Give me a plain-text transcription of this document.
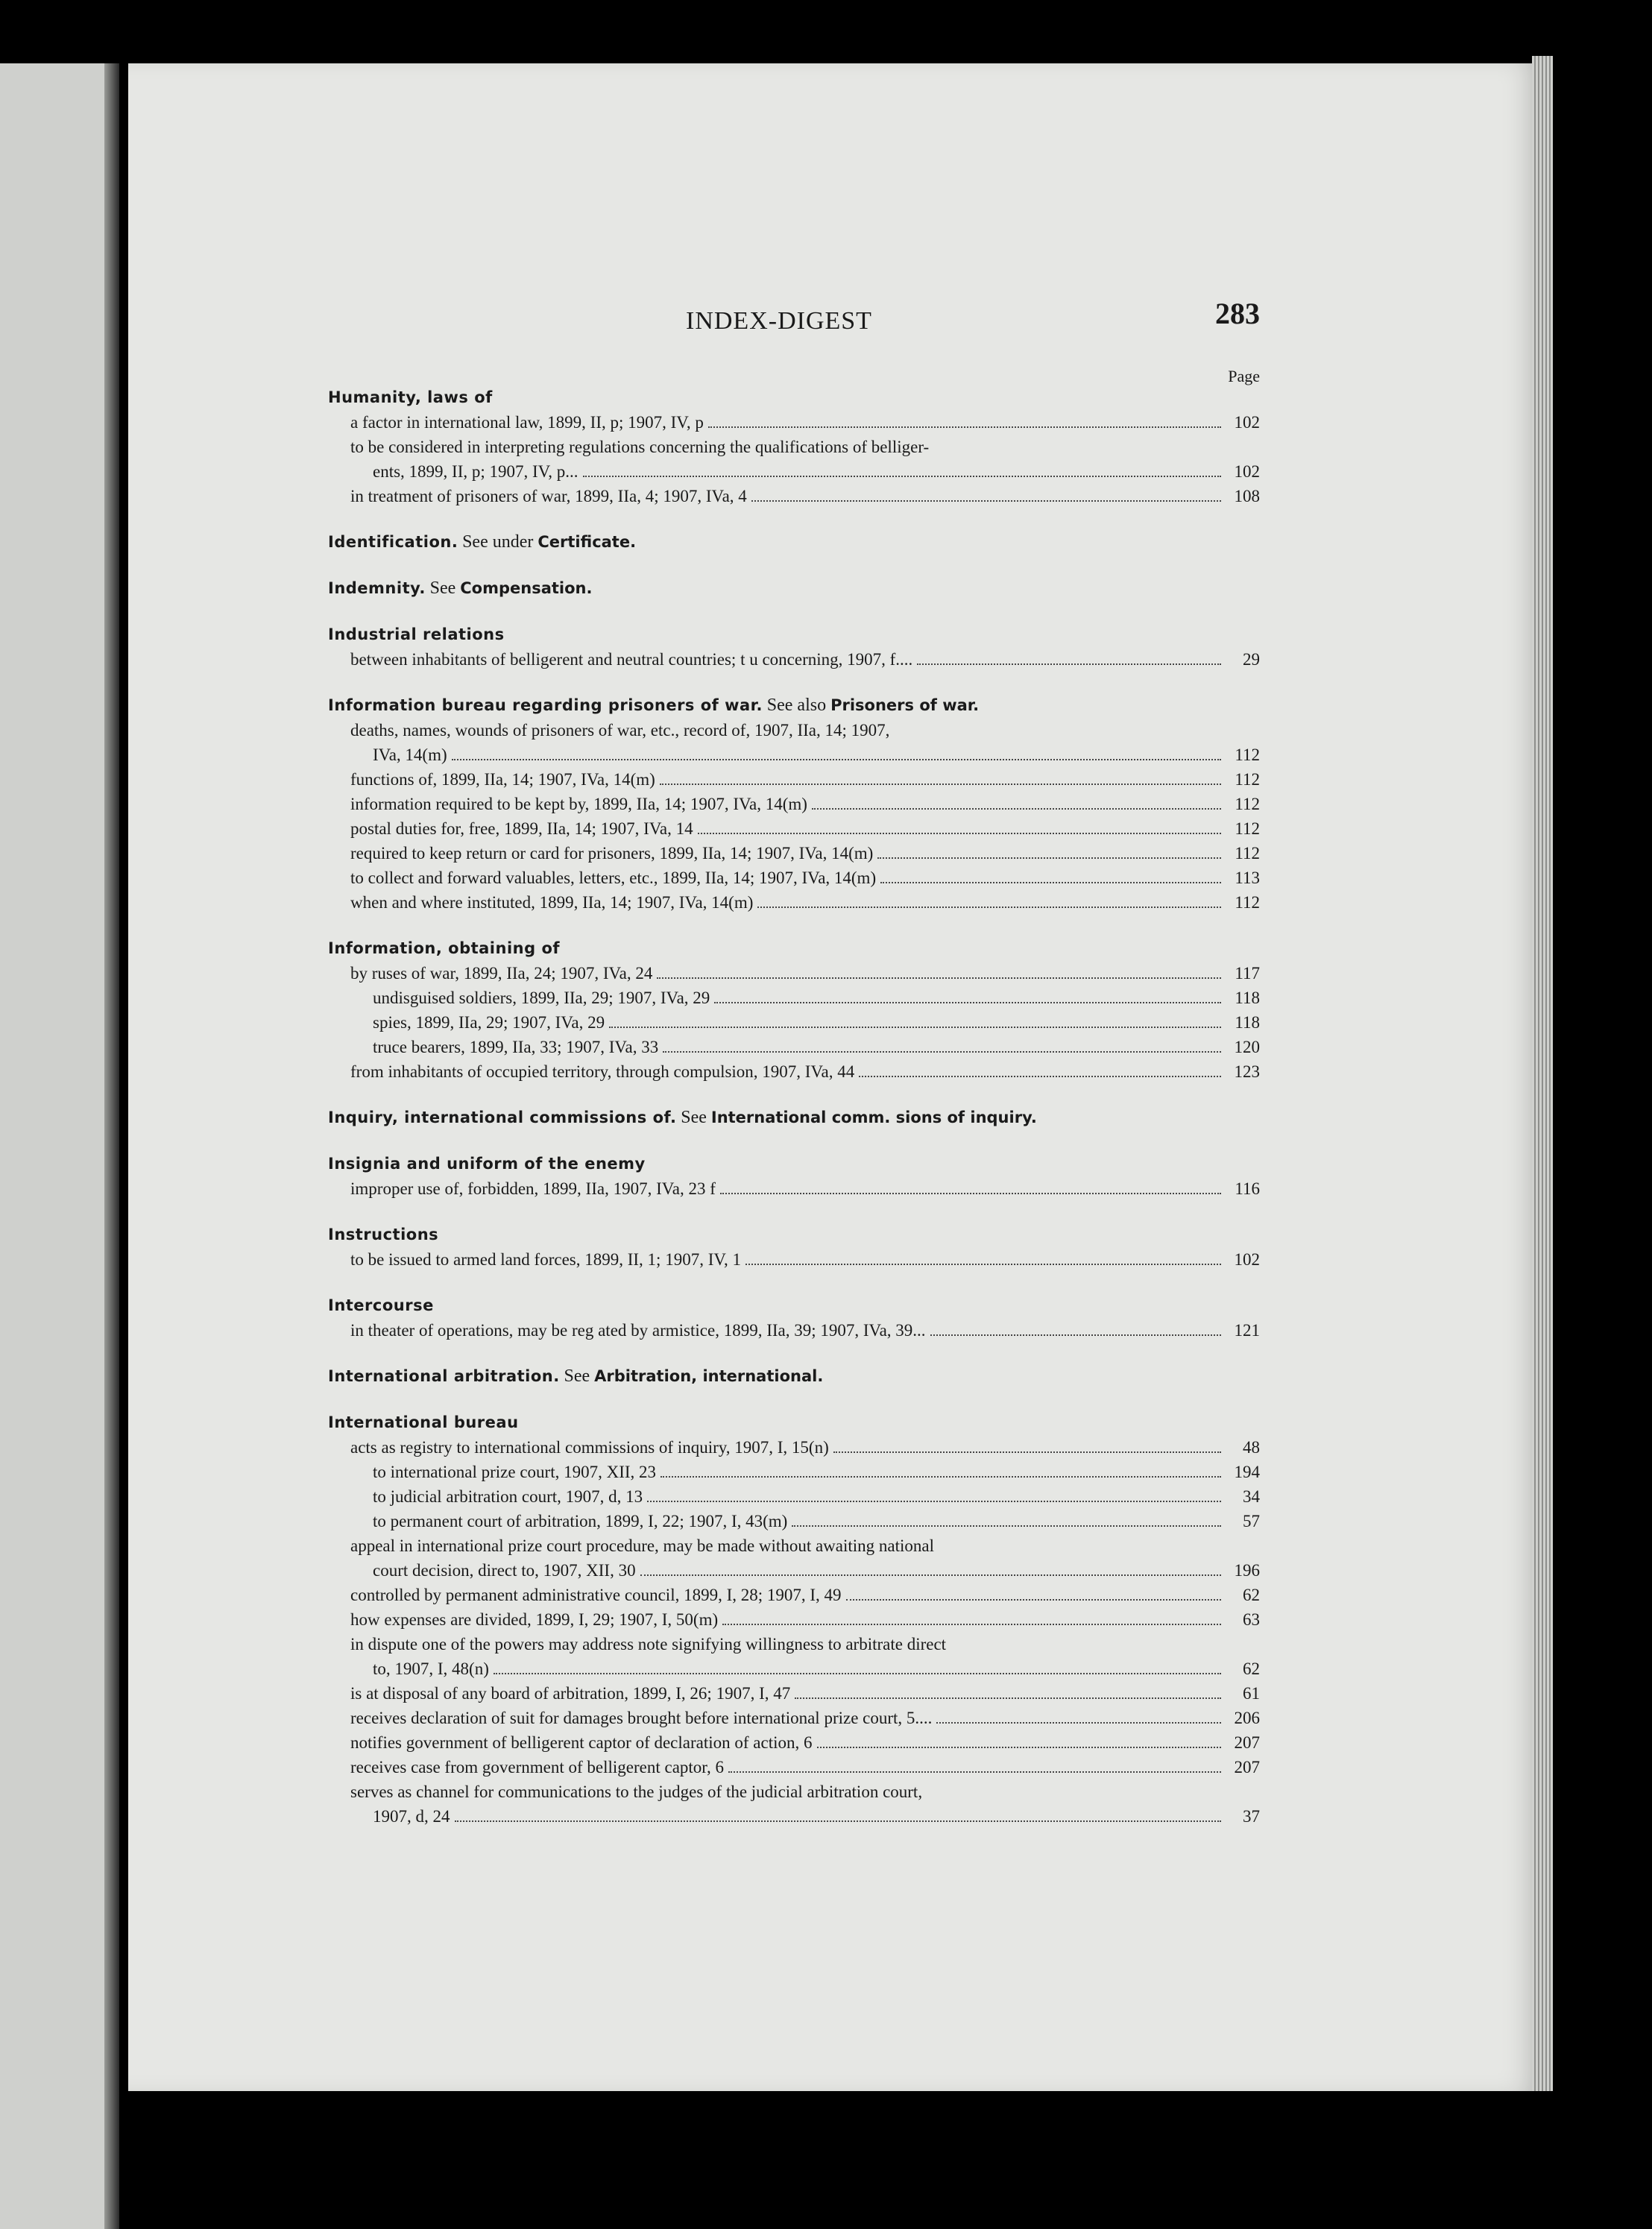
INDEX-DIGEST	283
Page
Humanity, laws of
a factor in international law, 1899, II, p; 1907, IV, p	102
to be considered in interpreting regulations concerning the qualifications of belliger-
ents, 1899, II, p; 1907, IV, p...	102
in treatment of prisoners of war, 1899, IIa, 4; 1907, IVa, 4	108
Identification. See under Certificate.
Indemnity. See Compensation.
Industrial relations
between inhabitants of belligerent and neutral countries; t u concerning, 1907, f....	29
Information bureau regarding prisoners of war. See also Prisoners of war.
deaths, names, wounds of prisoners of war, etc., record of, 1907, IIa, 14; 1907,
IVa, 14(m)	112
functions of, 1899, IIa, 14; 1907, IVa, 14(m)	112
information required to be kept by, 1899, IIa, 14; 1907, IVa, 14(m)	112
postal duties for, free, 1899, IIa, 14; 1907, IVa, 14	112
required to keep return or card for prisoners, 1899, IIa, 14; 1907, IVa, 14(m)	112
to collect and forward valuables, letters, etc., 1899, IIa, 14; 1907, IVa, 14(m)	113
when and where instituted, 1899, IIa, 14; 1907, IVa, 14(m)	112
Information, obtaining of
by ruses of war, 1899, IIa, 24; 1907, IVa, 24	117
undisguised soldiers, 1899, IIa, 29; 1907, IVa, 29	118
spies, 1899, IIa, 29; 1907, IVa, 29	118
truce bearers, 1899, IIa, 33; 1907, IVa, 33	120
from inhabitants of occupied territory, through compulsion, 1907, IVa, 44	123
Inquiry, international commissions of. See International comm. sions of inquiry.
Insignia and uniform of the enemy
improper use of, forbidden, 1899, IIa, 1907, IVa, 23 f	116
Instructions
to be issued to armed land forces, 1899, II, 1; 1907, IV, 1	102
Intercourse
in theater of operations, may be reg ated by armistice, 1899, IIa, 39; 1907, IVa, 39...	121
International arbitration. See Arbitration, international.
International bureau
acts as registry to international commissions of inquiry, 1907, I, 15(n)	48
to international prize court, 1907, XII, 23	194
to judicial arbitration court, 1907, d, 13	34
to permanent court of arbitration, 1899, I, 22; 1907, I, 43(m)	57
appeal in international prize court procedure, may be made without awaiting national
court decision, direct to, 1907, XII, 30	196
controlled by permanent administrative council, 1899, I, 28; 1907, I, 49	62
how expenses are divided, 1899, I, 29; 1907, I, 50(m)	63
in dispute one of the powers may address note signifying willingness to arbitrate direct
to, 1907, I, 48(n)	62
is at disposal of any board of arbitration, 1899, I, 26; 1907, I, 47	61
receives declaration of suit for damages brought before international prize court, 5....	206
notifies government of belligerent captor of declaration of action, 6	207
receives case from government of belligerent captor, 6	207
serves as channel for communications to the judges of the judicial arbitration court,
1907, d, 24	37
